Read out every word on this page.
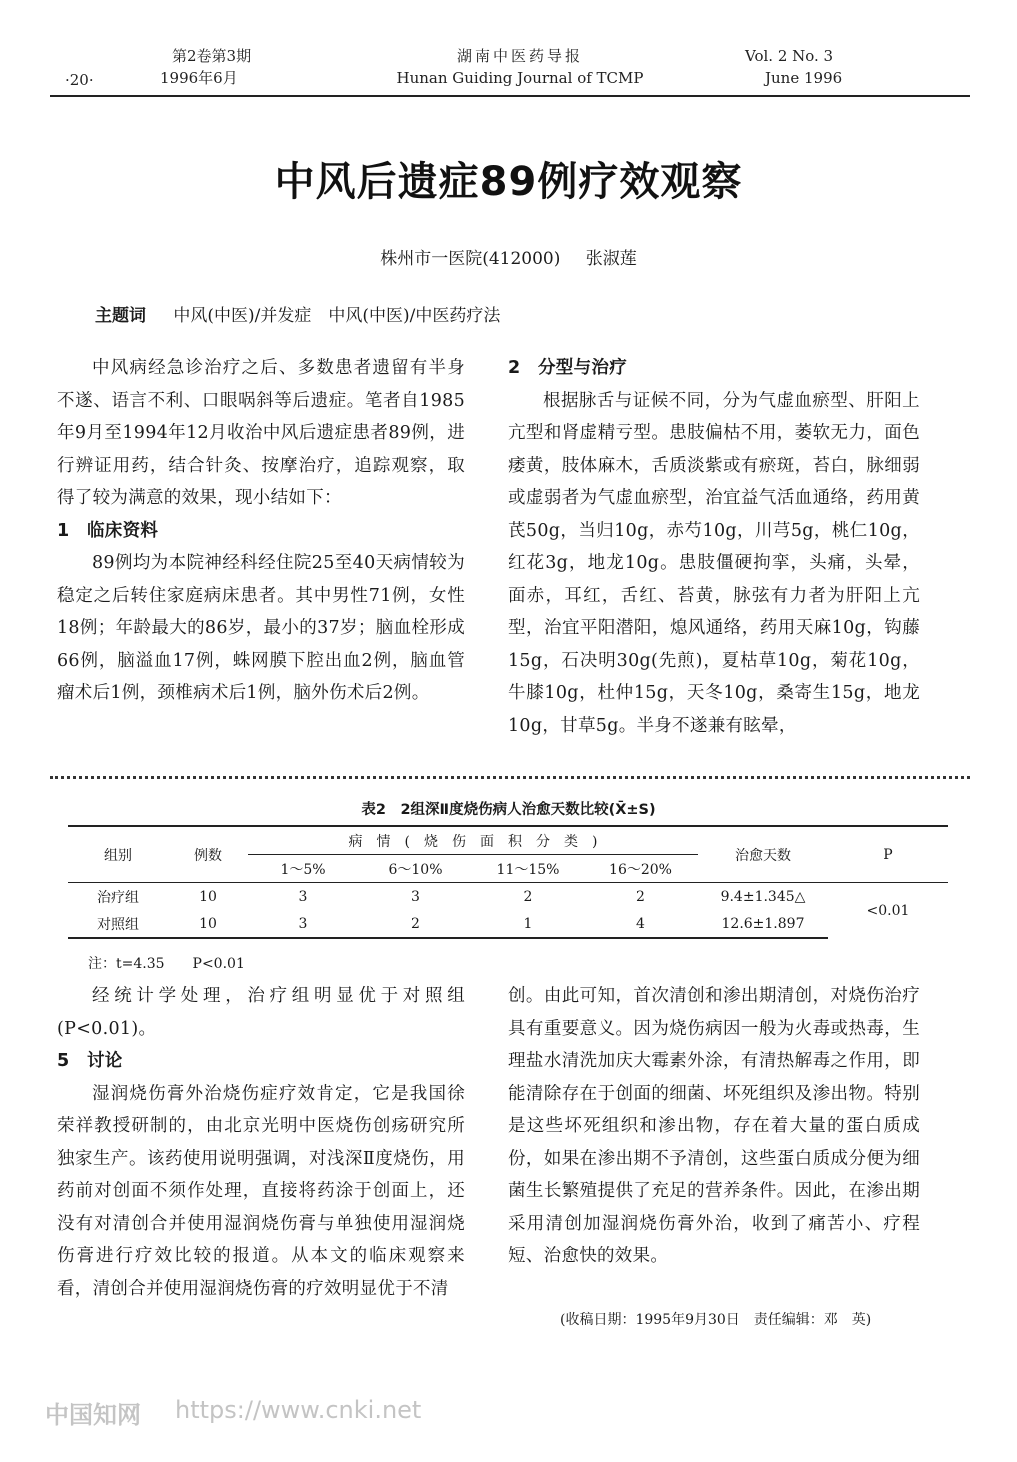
·20·
第2卷第3期
1996年6月
湖南中医药导报
Hunan Guiding Journal of TCMP
Vol. 2 No. 3
June 1996
中风后遗症89例疗效观察
株州市一医院(412000) 张淑莲
主题词 中风(中医)/并发症　中风(中医)/中医药疗法

中风病经急诊治疗之后、多数患者遗留有半身不遂、语言不利、口眼㖞斜等后遗症。笔者自1985年9月至1994年12月收治中风后遗症患者89例，进行辨证用药，结合针灸、按摩治疗，追踪观察，取得了较为满意的效果，现小结如下：

1 临床资料

89例均为本院神经科经住院25至40天病情较为稳定之后转住家庭病床患者。其中男性71例，女性18例；年龄最大的86岁，最小的37岁；脑血栓形成66例，脑溢血17例，蛛网膜下腔出血2例，脑血管瘤术后1例，颈椎病术后1例，脑外伤术后2例。

2 分型与治疗

根据脉舌与证候不同，分为气虚血瘀型、肝阳上亢型和肾虚精亏型。患肢偏枯不用，萎软无力，面色痿黄，肢体麻木，舌质淡紫或有瘀斑，苔白，脉细弱或虚弱者为气虚血瘀型，治宜益气活血通络，药用黄芪50g，当归10g，赤芍10g，川芎5g，桃仁10g，红花3g，地龙10g。患肢僵硬拘挛，头痛，头晕，面赤，耳红，舌红、苔黄，脉弦有力者为肝阳上亢型，治宜平阳潜阳，熄风通络，药用天麻10g，钩藤15g，石决明30g(先煎)，夏枯草10g，菊花10g，牛膝10g，杜仲15g，天冬10g，桑寄生15g，地龙10g，甘草5g。半身不遂兼有眩晕，

表2　2组深Ⅱ度烧伤病人治愈天数比较(X̄±S)
组别	例数	病　情　(　烧　伤　面　积　分　类　)				治愈天数	P
		1～5%	6～10%	11～15%	16～20%		
治疗组	10	3	3	2	2	9.4±1.345△	<0.01
对照组	10	3	2	1	4	12.6±1.897	
注：t=4.35 P<0.01

经统计学处理，治疗组明显优于对照组(P<0.01)。

5 讨论

湿润烧伤膏外治烧伤症疗效肯定，它是我国徐荣祥教授研制的，由北京光明中医烧伤创疡研究所独家生产。该药使用说明强调，对浅深Ⅱ度烧伤，用药前对创面不须作处理，直接将药涂于创面上，还没有对清创合并使用湿润烧伤膏与单独使用湿润烧伤膏进行疗效比较的报道。从本文的临床观察来看，清创合并使用湿润烧伤膏的疗效明显优于不清

创。由此可知，首次清创和渗出期清创，对烧伤治疗具有重要意义。因为烧伤病因一般为火毒或热毒，生理盐水清洗加庆大霉素外涂，有清热解毒之作用，即能清除存在于创面的细菌、坏死组织及渗出物。特别是这些坏死组织和渗出物，存在着大量的蛋白质成份，如果在渗出期不予清创，这些蛋白质成分便为细菌生长繁殖提供了充足的营养条件。因此，在渗出期采用清创加湿润烧伤膏外治，收到了痛苦小、疗程短、治愈快的效果。

(收稿日期：1995年9月30日　责任编辑：邓　英)
中国知网 https://www.cnki.net
